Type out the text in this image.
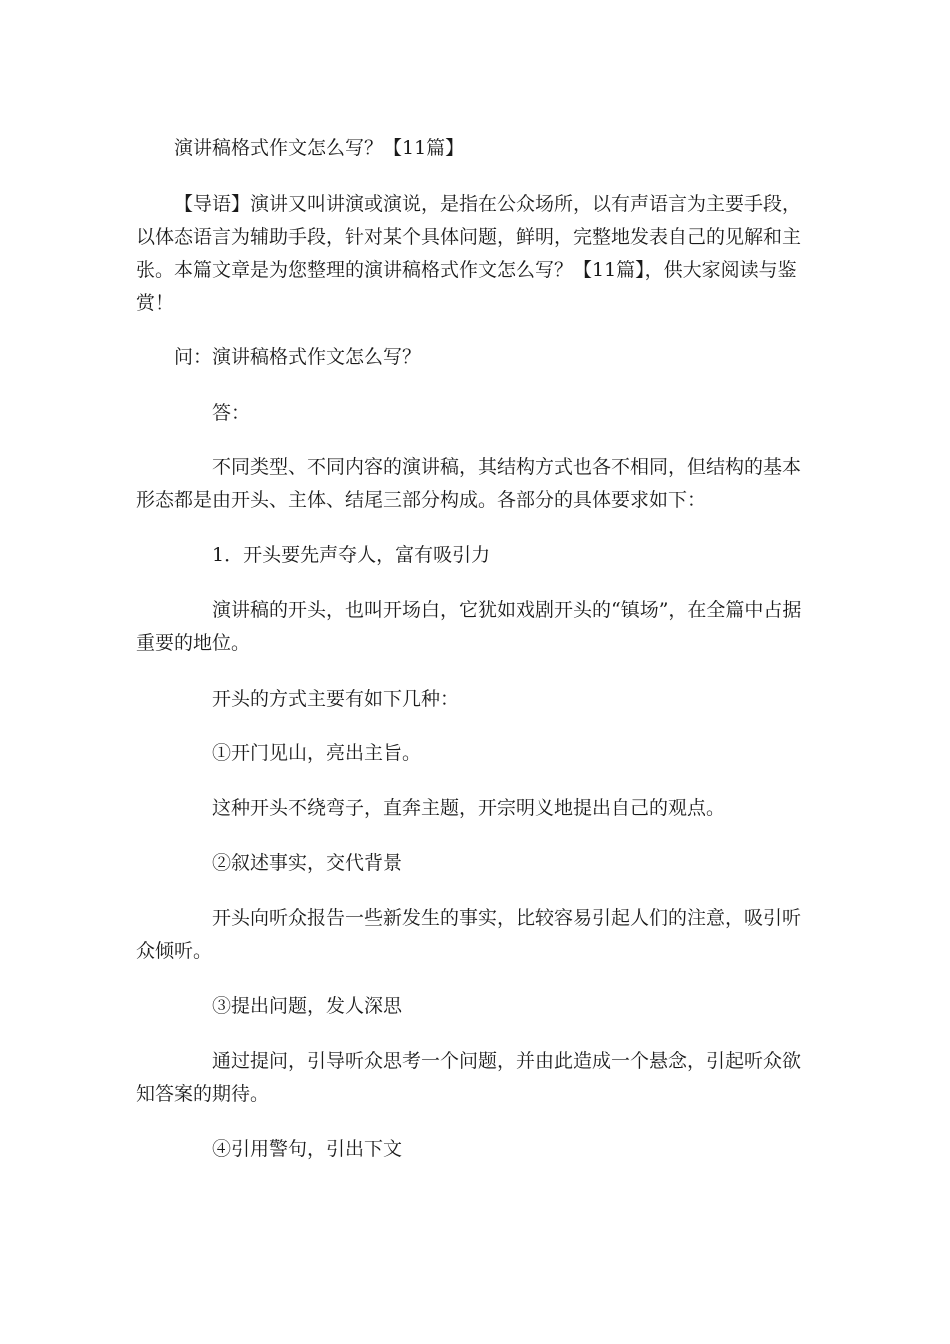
演讲稿格式作文怎么写？【11篇】

【导语】演讲又叫讲演或演说，是指在公众场所，以有声语言为主要手段，以体态语言为辅助手段，针对某个具体问题，鲜明，完整地发表自己的见解和主张。本篇文章是为您整理的演讲稿格式作文怎么写？【11篇】，供大家阅读与鉴赏！

问：演讲稿格式作文怎么写？

答：

不同类型、不同内容的演讲稿，其结构方式也各不相同，但结构的基本形态都是由开头、主体、结尾三部分构成。各部分的具体要求如下：

1．开头要先声夺人，富有吸引力

演讲稿的开头，也叫开场白，它犹如戏剧开头的“镇场”，在全篇中占据重要的地位。

开头的方式主要有如下几种：

①开门见山，亮出主旨。

这种开头不绕弯子，直奔主题，开宗明义地提出自己的观点。

②叙述事实，交代背景

开头向听众报告一些新发生的事实，比较容易引起人们的注意，吸引听众倾听。

③提出问题，发人深思

通过提问，引导听众思考一个问题，并由此造成一个悬念，引起听众欲知答案的期待。

④引用警句，引出下文
